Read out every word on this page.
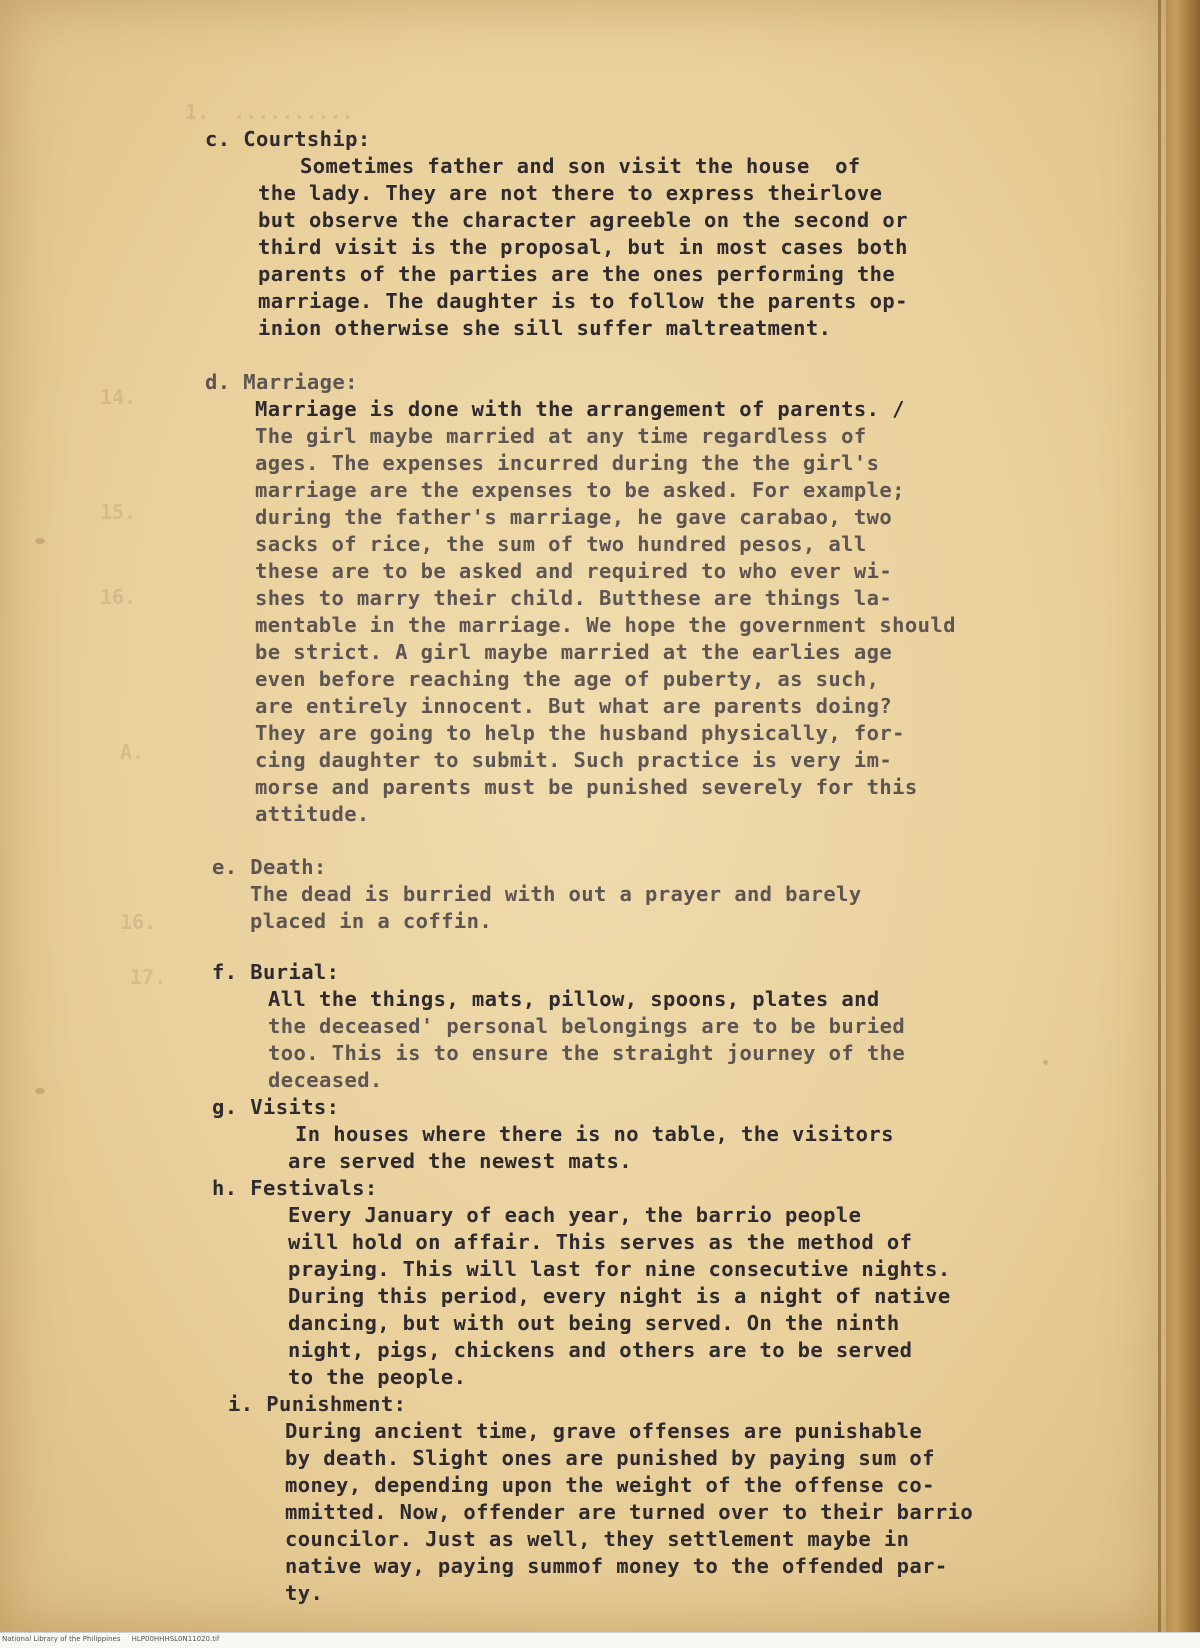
1.  ..........
14.
15.
16.
A.
16.
17.
c. Courtship:
Sometimes father and son visit the house  of
the lady. They are not there to express theirlove
but observe the character agreeble on the second or
third visit is the proposal, but in most cases both
parents of the parties are the ones performing the
marriage. The daughter is to follow the parents op-
inion otherwise she sill suffer maltreatment.
d. Marriage:
Marriage is done with the arrangement of parents. /
The girl maybe married at any time regardless of
ages. The expenses incurred during the the girl's
marriage are the expenses to be asked. For example;
during the father's marriage, he gave carabao, two
sacks of rice, the sum of two hundred pesos, all
these are to be asked and required to who ever wi-
shes to marry their child. Butthese are things la-
mentable in the marriage. We hope the government should
be strict. A girl maybe married at the earlies age
even before reaching the age of puberty, as such,
are entirely innocent. But what are parents doing?
They are going to help the husband physically, for-
cing daughter to submit. Such practice is very im-
morse and parents must be punished severely for this
attitude.
e. Death:
The dead is burried with out a prayer and barely
placed in a coffin.
f. Burial:
All the things, mats, pillow, spoons, plates and
the deceased' personal belongings are to be buried
too. This is to ensure the straight journey of the
deceased.
g. Visits:
In houses where there is no table, the visitors
are served the newest mats.
h. Festivals:
Every January of each year, the barrio people
will hold on affair. This serves as the method of
praying. This will last for nine consecutive nights.
During this period, every night is a night of native
dancing, but with out being served. On the ninth
night, pigs, chickens and others are to be served
to the people.
i. Punishment:
During ancient time, grave offenses are punishable
by death. Slight ones are punished by paying sum of
money, depending upon the weight of the offense co-
mmitted. Now, offender are turned over to their barrio
councilor. Just as well, they settlement maybe in
native way, paying summof money to the offended par-
ty.
National Library of the Philippines     HLP00HHHSL0N11020.tif
